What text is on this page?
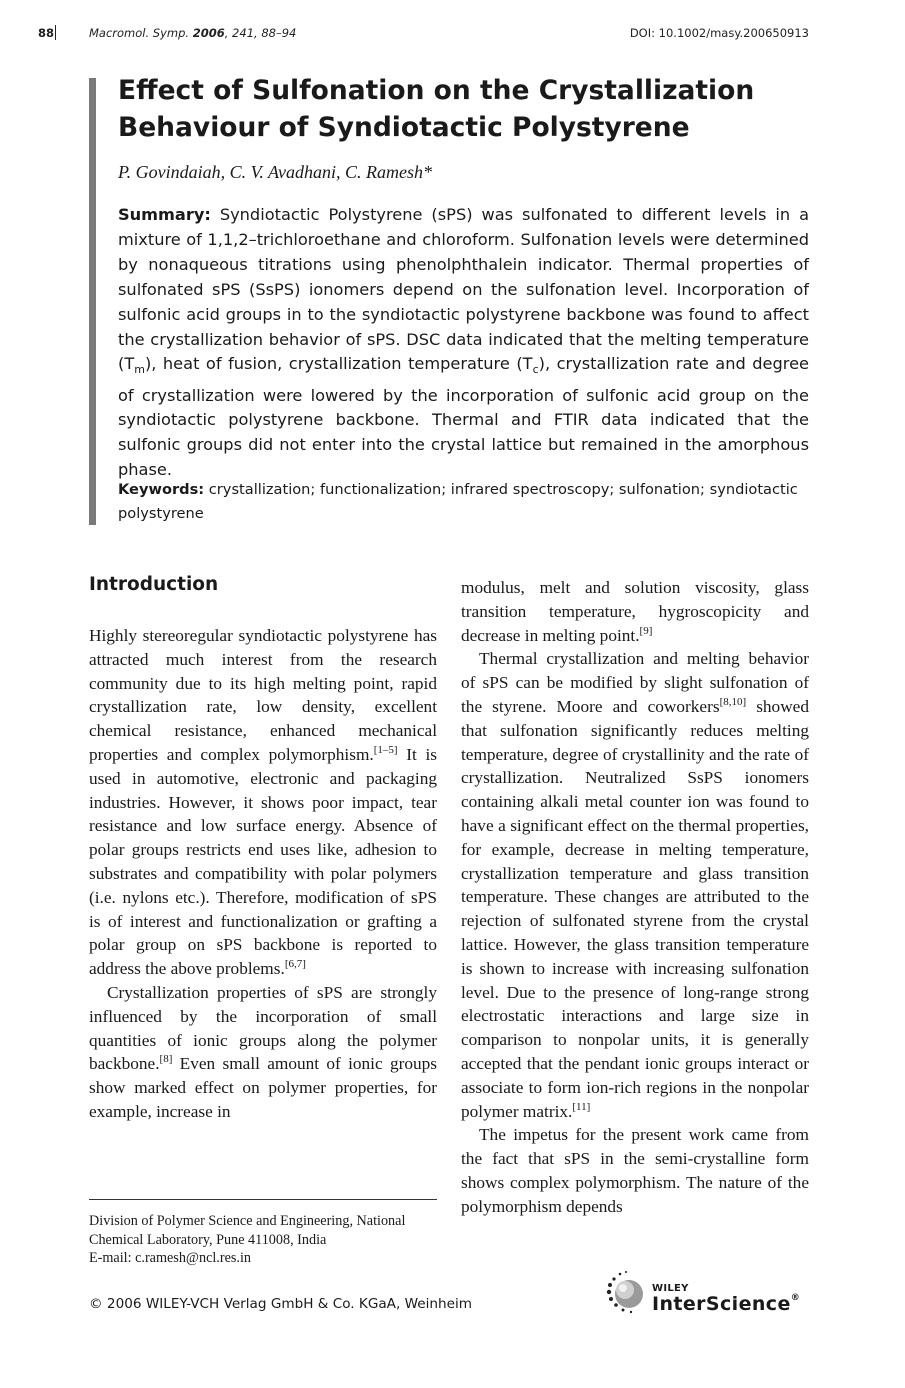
88	Macromol. Symp. 2006, 241, 88–94	DOI: 10.1002/masy.200650913
Effect of Sulfonation on the Crystallization
Behaviour of Syndiotactic Polystyrene
P. Govindaiah, C. V. Avadhani, C. Ramesh*
Summary: Syndiotactic Polystyrene (sPS) was sulfonated to different levels in a mixture of 1,1,2–trichloroethane and chloroform. Sulfonation levels were determined by nonaqueous titrations using phenolphthalein indicator. Thermal properties of sulfonated sPS (SsPS) ionomers depend on the sulfonation level. Incorporation of sulfonic acid groups in to the syndiotactic polystyrene backbone was found to affect the crystallization behavior of sPS. DSC data indicated that the melting temperature $(T_m)$, heat of fusion, crystallization temperature $(T_c)$, crystallization rate and degree of crystallization were lowered by the incorporation of sulfonic acid group on the syndiotactic polystyrene backbone. Thermal and FTIR data indicated that the sulfonic groups did not enter into the crystal lattice but remained in the amorphous phase.
Keywords: crystallization; functionalization; infrared spectroscopy; sulfonation; syndiotactic polystyrene
Introduction

Highly stereoregular syndiotactic polystyrene has attracted much interest from the research community due to its high melting point, rapid crystallization rate, low density, excellent chemical resistance, enhanced mechanical properties and complex polymorphism.[1–5] It is used in automotive, electronic and packaging industries. However, it shows poor impact, tear resistance and low surface energy. Absence of polar groups restricts end uses like, adhesion to substrates and compatibility with polar polymers (i.e. nylons etc.). Therefore, modification of sPS is of interest and functionalization or grafting a polar group on sPS backbone is reported to address the above problems.[6,7]

Crystallization properties of sPS are strongly influenced by the incorporation of small quantities of ionic groups along the polymer backbone.[8] Even small amount of ionic groups show marked effect on polymer properties, for example, increase in

modulus, melt and solution viscosity, glass transition temperature, hygroscopicity and decrease in melting point.[9]

Thermal crystallization and melting behavior of sPS can be modified by slight sulfonation of the styrene. Moore and coworkers[8,10] showed that sulfonation significantly reduces melting temperature, degree of crystallinity and the rate of crystallization. Neutralized SsPS ionomers containing alkali metal counter ion was found to have a significant effect on the thermal properties, for example, decrease in melting temperature, crystallization temperature and glass transition temperature. These changes are attributed to the rejection of sulfonated styrene from the crystal lattice. However, the glass transition temperature is shown to increase with increasing sulfonation level. Due to the presence of long-range strong electrostatic interactions and large size in comparison to nonpolar units, it is generally accepted that the pendant ionic groups interact or associate to form ion-rich regions in the nonpolar polymer matrix.[11]

The impetus for the present work came from the fact that sPS in the semi-crystalline form shows complex polymorphism. The nature of the polymorphism depends

Division of Polymer Science and Engineering, National
Chemical Laboratory, Pune 411008, India
E-mail: c.ramesh@ncl.res.in
© 2006 WILEY-VCH Verlag GmbH & Co. KGaA, Weinheim
WILEY
InterScience®
